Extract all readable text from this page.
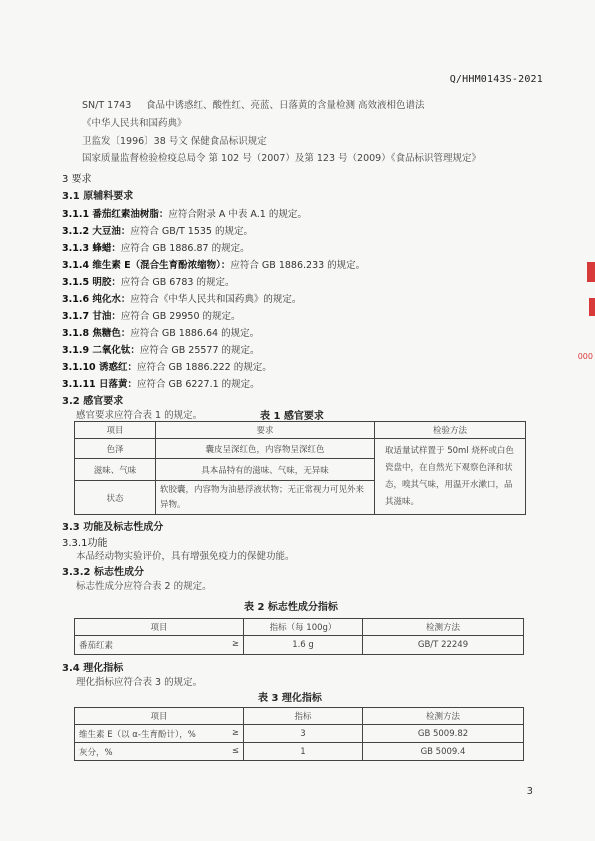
Q/HHM0143S-2021
SN/T 1743 食品中诱惑红、酸性红、亮蓝、日落黄的含量检测 高效液相色谱法
《中华人民共和国药典》
卫监发〔1996〕38 号文 保健食品标识规定
国家质量监督检验检疫总局令 第 102 号（2007）及第 123 号（2009）《食品标识管理规定》
3 要求
3.1 原辅料要求
3.1.1 番茄红素油树脂：应符合附录 A 中表 A.1 的规定。
3.1.2 大豆油：应符合 GB/T 1535 的规定。
3.1.3 蜂蜡：应符合 GB 1886.87 的规定。
3.1.4 维生素 E（混合生育酚浓缩物）：应符合 GB 1886.233 的规定。
3.1.5 明胶：应符合 GB 6783 的规定。
3.1.6 纯化水：应符合《中华人民共和国药典》的规定。
3.1.7 甘油：应符合 GB 29950 的规定。
3.1.8 焦糖色：应符合 GB 1886.64 的规定。
3.1.9 二氧化钛：应符合 GB 25577 的规定。
3.1.10 诱惑红：应符合 GB 1886.222 的规定。
3.1.11 日落黄：应符合 GB 6227.1 的规定。
3.2 感官要求
感官要求应符合表 1 的规定。	表 1 感官要求
项目	要求	检验方法
色泽	囊皮呈深红色，内容物呈深红色	取适量试样置于 50ml 烧杯或白色瓷盘中，在自然光下观察色泽和状态，嗅其气味，用温开水漱口，品其滋味。
滋味、气味	具本品特有的滋味、气味，无异味	
状态	软胶囊，内容物为油悬浮液状物；无正常视力可见外来异物。	
3.3 功能及标志性成分
3.3.1功能
本品经动物实验评价，具有增强免疫力的保健功能。
3.3.2 标志性成分
标志性成分应符合表 2 的规定。
表 2 标志性成分指标
项目	指标（每 100g）	检测方法
番茄红素 ≥	1.6 g	GB/T 22249
3.4 理化指标
理化指标应符合表 3 的规定。
表 3 理化指标
项目	指标	检测方法
维生素 E（以 α-生育酚计），% ≥	3	GB 5009.82
灰分，% ≤	1	GB 5009.4
3
000
